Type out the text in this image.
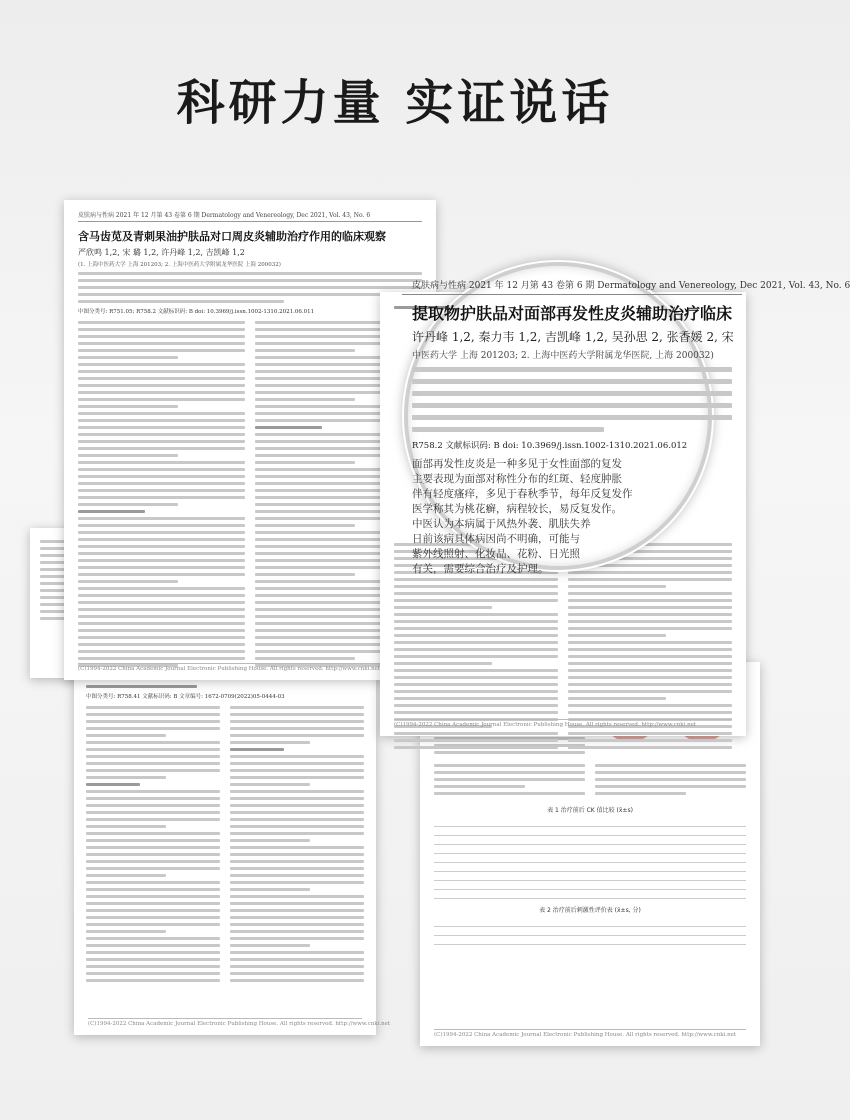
科研力量 实证说话
表 1 治疗前后 CK 值比较 (x̄±s)

表 2 治疗前后刺激性评价表 (x̄±s, 分)

(C)1994-2022 China Academic Journal Electronic Publishing House. All rights reserved. http://www.cnki.net
中图分类号: R758.41 文献标识码: B 文章编号: 1672-0709(2022)05-0444-03
(C)1994-2022 China Academic Journal Electronic Publishing House. All rights reserved. http://www.cnki.net
皮肤病与性病 2021 年 12 月第 43 卷第 6 期 Dermatology and Venereology, Dec 2021, Vol. 43, No. 6
含马齿苋及青刺果油护肤品对口周皮炎辅助治疗作用的临床观察
严欣鸣 1,2, 宋 璐 1,2, 许丹峰 1,2, 吉凯峰 1,2
(1. 上海中医药大学 上海 201203; 2. 上海中医药大学附属龙华医院 上海 200032)
中图分类号: R751.05; R758.2 文献标识码: B doi: 10.3969/j.issn.1002-1310.2021.06.011
(C)1994-2022 China Academic Journal Electronic Publishing House. All rights reserved. http://www.cnki.net
(C)1994-2022 China Academic Journal Electronic Publishing House. All rights reserved. http://www.cnki.net
皮肤病与性病 2021 年 12 月第 43 卷第 6 期 Dermatology and Venereology, Dec 2021, Vol. 43, No. 6
提取物护肤品对面部再发性皮炎辅助治疗临床
许丹峰 1,2, 秦力韦 1,2, 吉凯峰 1,2, 吴孙思 2, 张香媛 2, 宋
中医药大学 上海 201203; 2. 上海中医药大学附属龙华医院, 上海 200032)
R758.2 文献标识码: B doi: 10.3969/j.issn.1002-1310.2021.06.012
面部再发性皮炎是一种多见于女性面部的复发
主要表现为面部对称性分布的红斑、轻度肿胀
伴有轻度瘙痒，多见于春秋季节，每年反复发作
医学称其为桃花癣，病程较长，易反复发作。
中医认为本病属于风热外袭、肌肤失养
日前该病具体病因尚不明确，可能与
紫外线照射、化妆品、花粉、日光照
有关，需要综合治疗及护理。
